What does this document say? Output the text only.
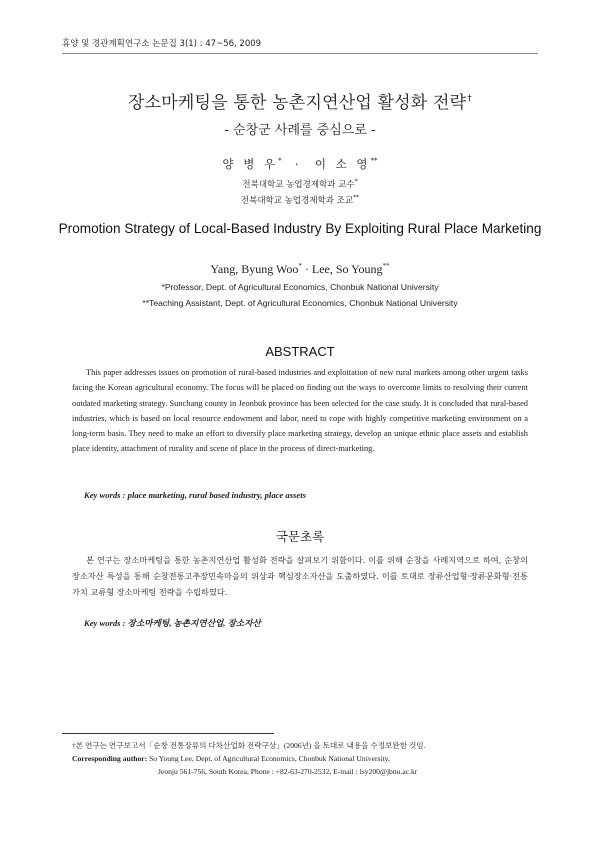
휴양 및 경관계획연구소 논문집 3(1) : 47~56, 2009
장소마케팅을 통한 농촌지연산업 활성화 전략†
- 순창군 사례를 중심으로 -
양 병 우* · 이 소 영**
전북대학교 농업경제학과 교수*
전북대학교 농업경제학과 조교**
Promotion Strategy of Local-Based Industry By Exploiting Rural Place Marketing
Yang, Byung Woo* · Lee, So Young**
*Professor, Dept. of Agricultural Economics, Chonbuk National University
**Teaching Assistant, Dept. of Agricultural Economics, Chonbuk National University
ABSTRACT
This paper addresses issues on promotion of rural-based industries and exploitation of new rural markets among other urgent tasks facing the Korean agricultural economy. The focus will be placed on finding out the ways to overcome limits to resolving their current outdated marketing strategy. Sunchang county in Jeonbuk province has been selected for the case study. It is concluded that rural-based industries, which is based on local resource endowment and labor, need to cope with highly competitive marketing environment on a long-term basis. They need to make an effort to diversify place marketing strategy, develop an unique ethnic place assets and establish place identity, attachment of rurality and scene of place in the process of direct-marketing.
Key words : place marketing, rural based industry, place assets
국문초록
본 연구는 장소마케팅을 통한 농촌지연산업 활성화 전략을 살펴보기 위함이다. 이를 위해 순창을 사례지역으로 하여, 순창의 장소자산 특성을 통해 순창전통고추장민속마을의 위상과 핵심장소자산을 도출하였다. 이를 토대로 장류산업형·장류문화형·전통가치 교류형 장소마케팅 전략을 수립하였다.
Key words : 장소마케팅, 농촌지연산업, 장소자산
†본 연구는 연구보고서「순창 전통장류의 다차산업화 전략구상」(2006년) 을 토대로 내용을 수정보완한 것임.
Corresponding author: So Young Lee, Dept. of Agricultural Economics, Chonbuk National University,
Jeonju 561-756, South Korea, Phone : +82-63-270-2532, E-mail : lsy200@jbnu.ac.kr
